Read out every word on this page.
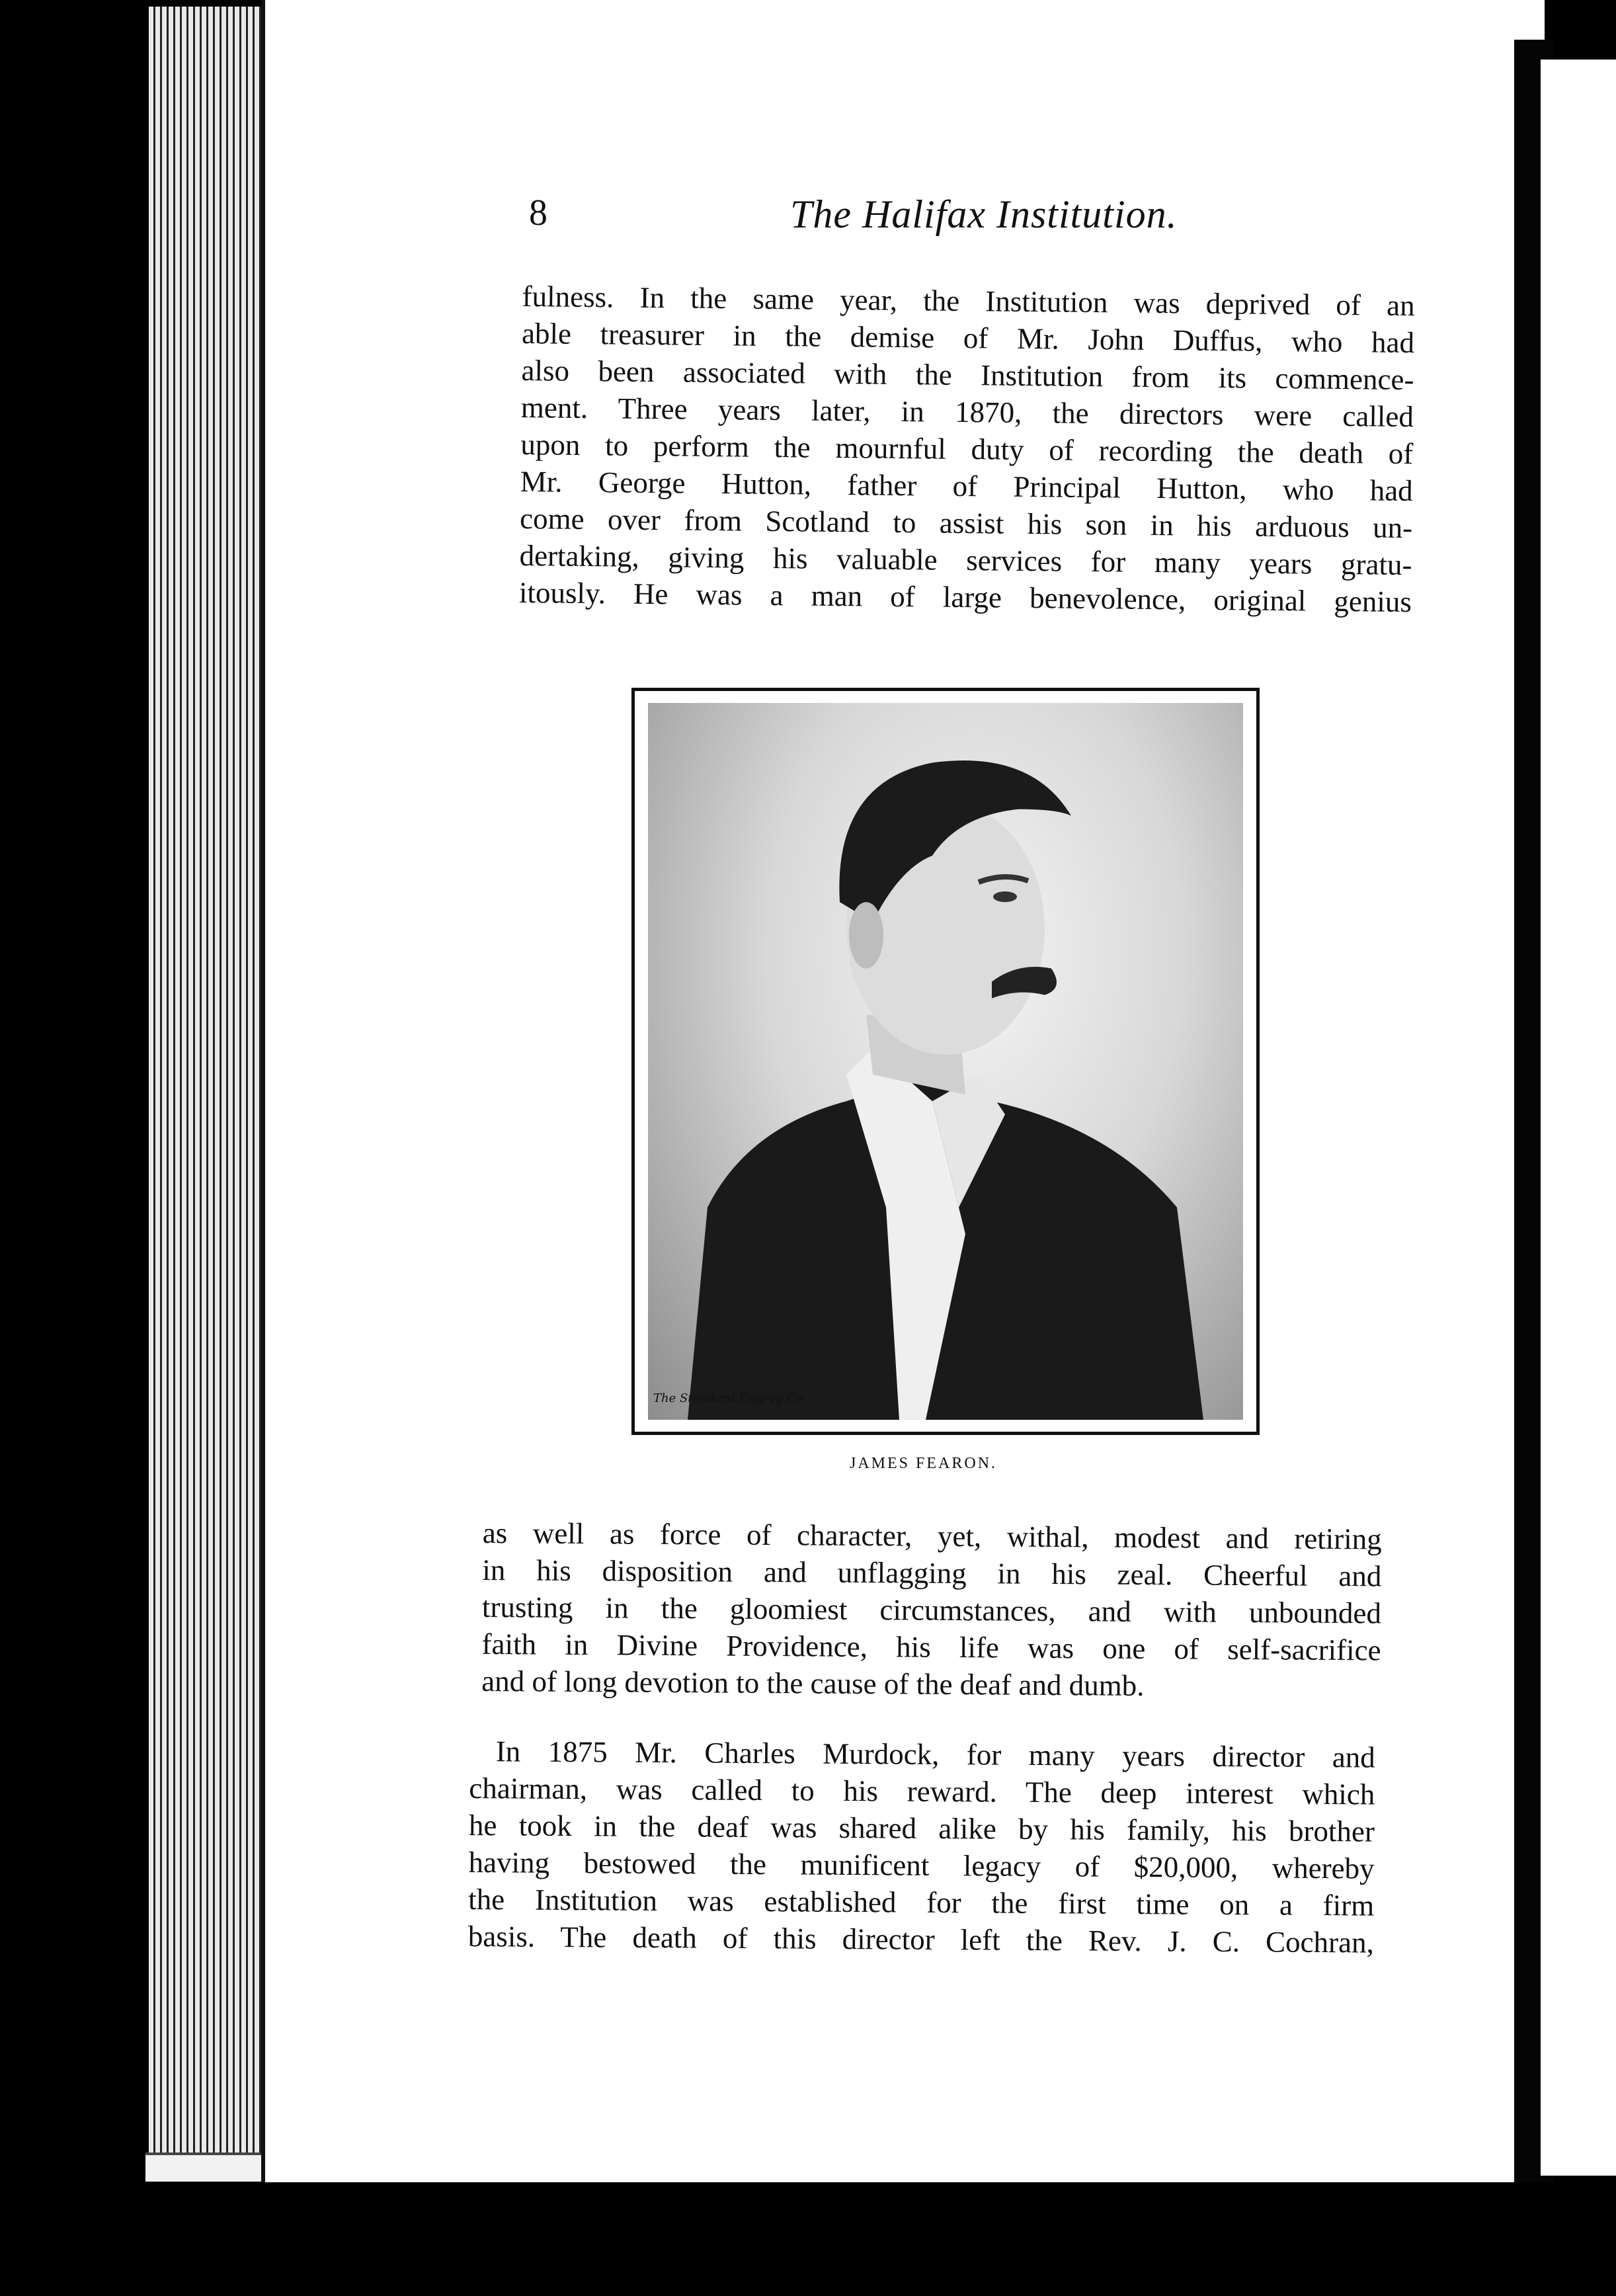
8	The Halifax Institution.
fulness. In the same year, the Institution was deprived of an
able treasurer in the demise of Mr. John Duffus, who had
also been associated with the Institution from its commence-
ment. Three years later, in 1870, the directors were called
upon to perform the mournful duty of recording the death of
Mr. George Hutton, father of Principal Hutton, who had
come over from Scotland to assist his son in his arduous un-
dertaking, giving his valuable services for many years gratu-
itously. He was a man of large benevolence, original genius
The Standard Engrvg Co
JAMES FEARON.
as well as force of character, yet, withal, modest and retiring
in his disposition and unflagging in his zeal. Cheerful and
trusting in the gloomiest circumstances, and with unbounded
faith in Divine Providence, his life was one of self-sacrifice
and of long devotion to the cause of the deaf and dumb.
In 1875 Mr. Charles Murdock, for many years director and
chairman, was called to his reward. The deep interest which
he took in the deaf was shared alike by his family, his brother
having bestowed the munificent legacy of $20,000, whereby
the Institution was established for the first time on a firm
basis. The death of this director left the Rev. J. C. Cochran,
